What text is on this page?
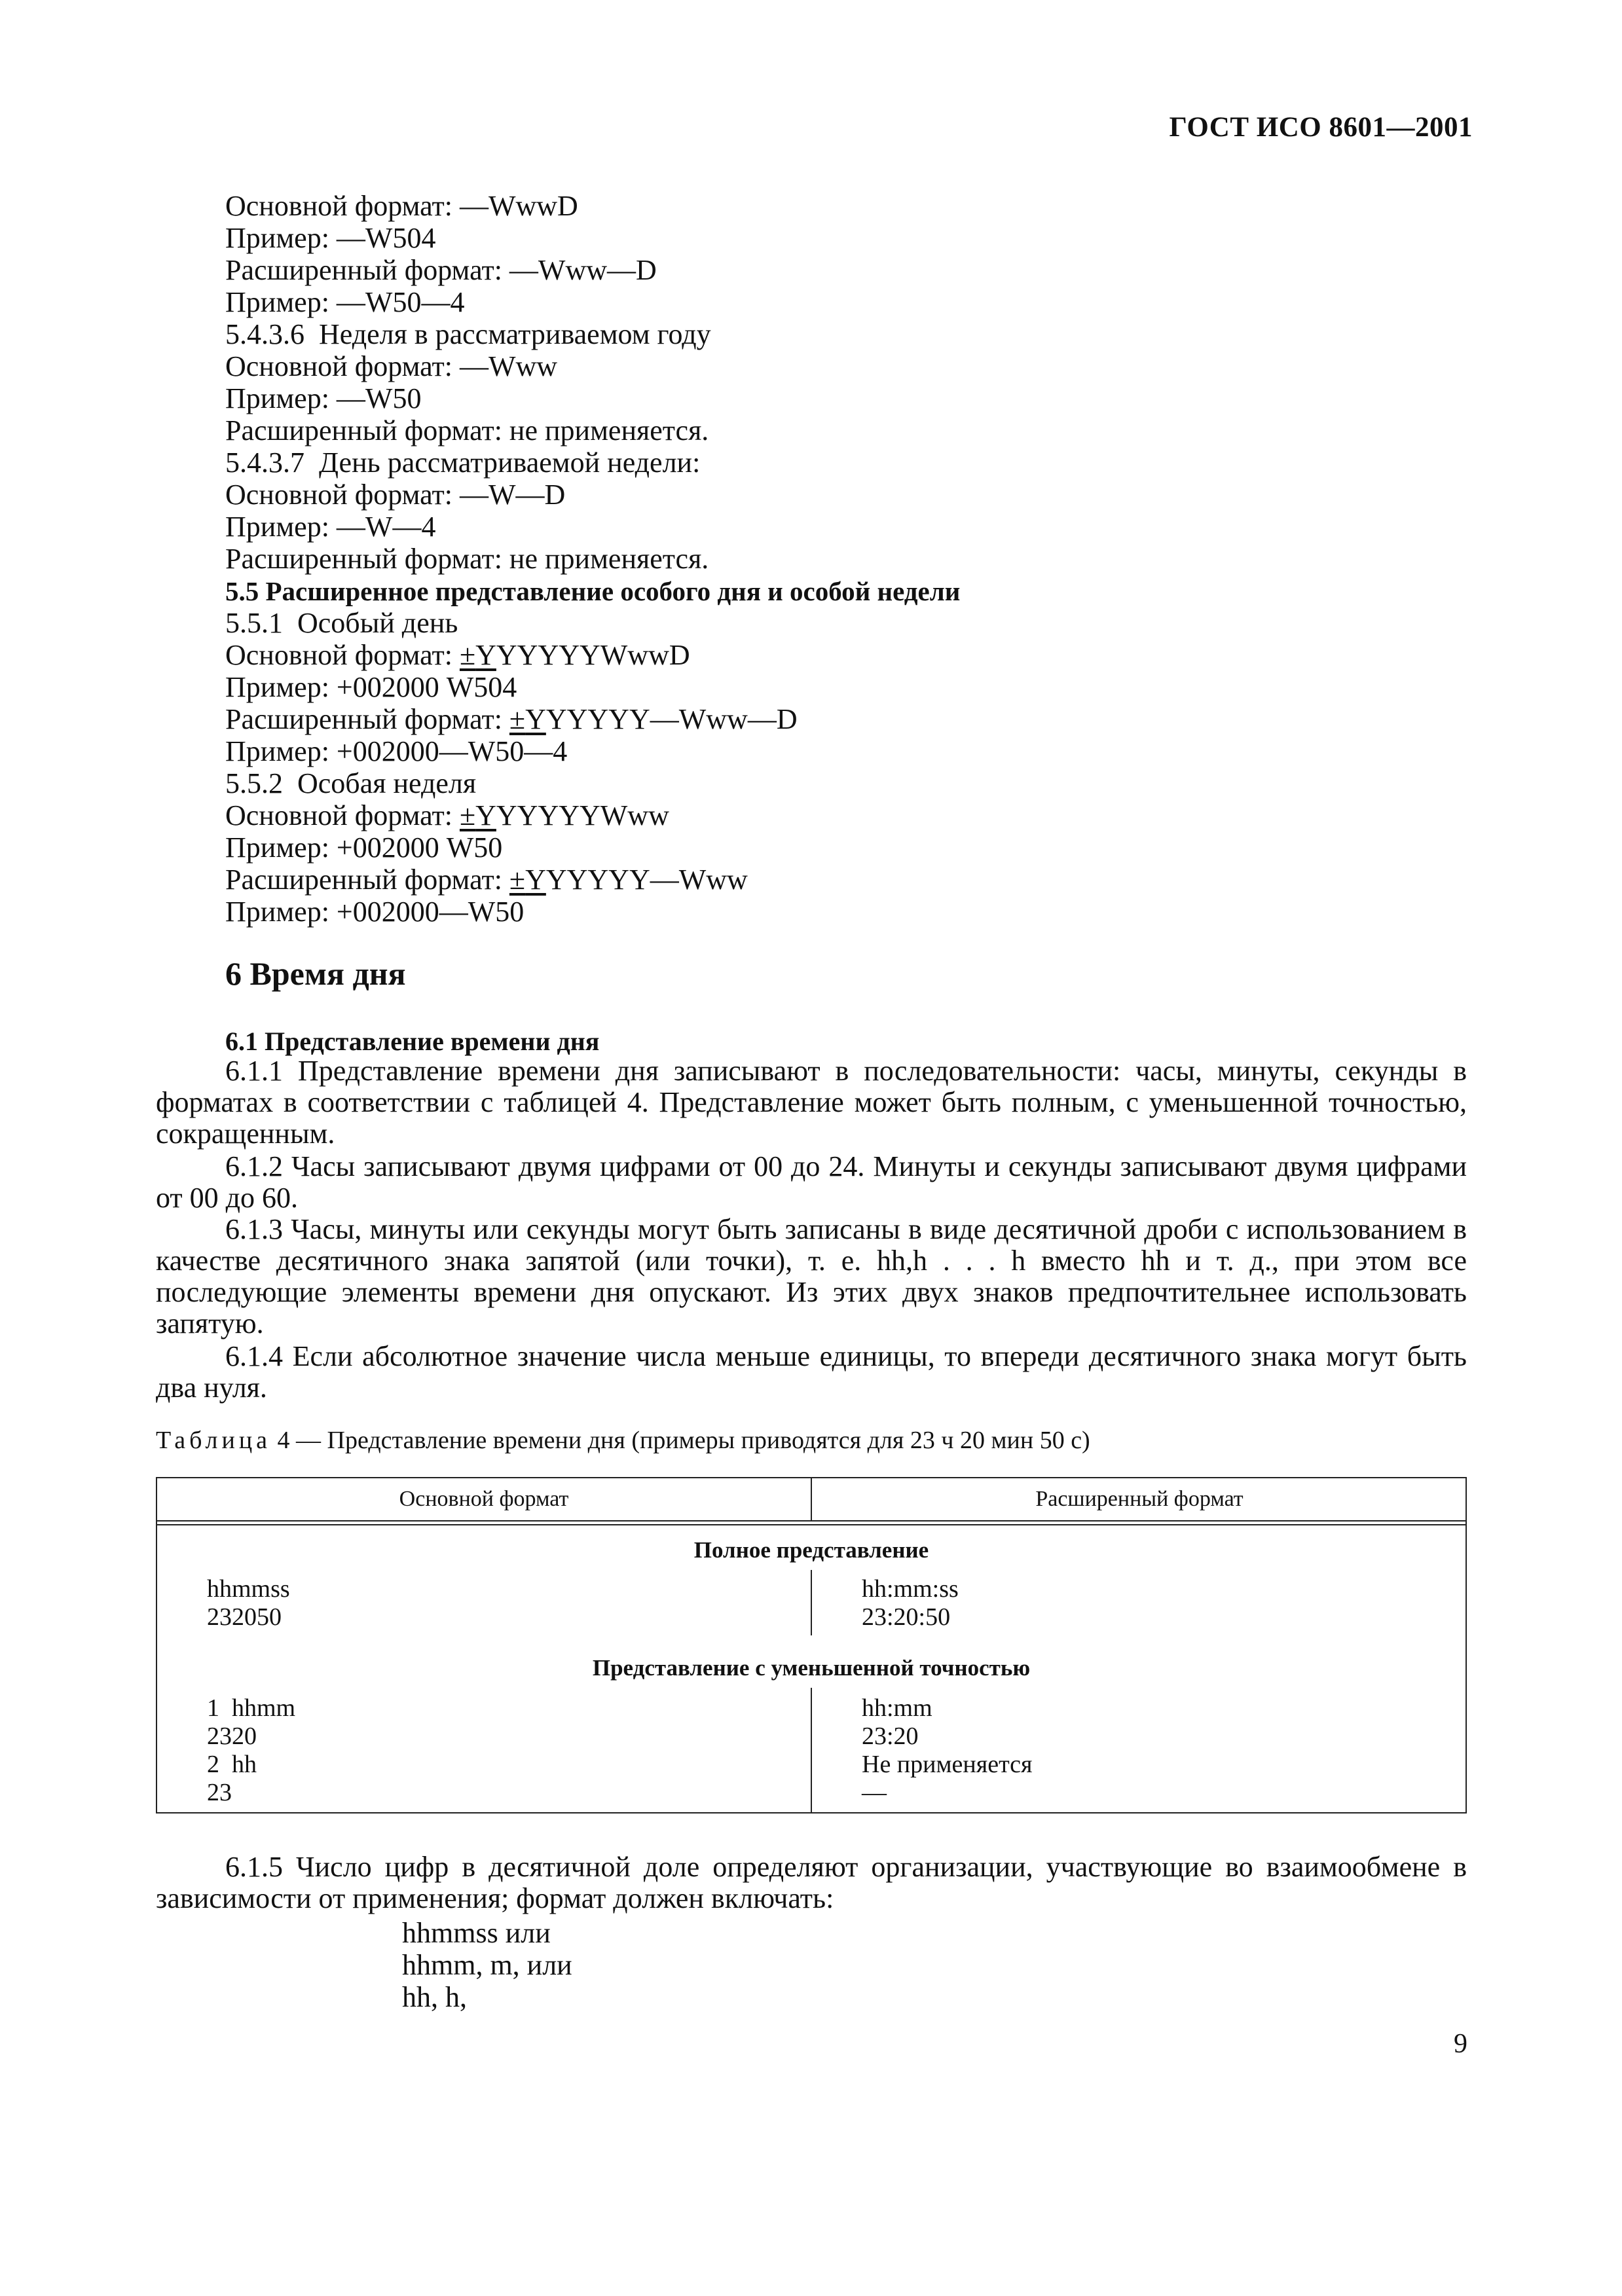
ГОСТ ИСО 8601—2001
Основной формат: —WwwD
Пример: —W504
Расширенный формат: —Www—D
Пример: —W50—4
5.4.3.6  Неделя в рассматриваемом году
Основной формат: —Www
Пример: —W50
Расширенный формат: не применяется.
5.4.3.7  День рассматриваемой недели:
Основной формат: —W—D
Пример: —W—4
Расширенный формат: не применяется.
5.5 Расширенное представление особого дня и особой недели
5.5.1  Особый день
Основной формат: ±YYYYYYWwwD
Пример: +002000 W504
Расширенный формат: ±YYYYYY—Www—D
Пример: +002000—W50—4
5.5.2  Особая неделя
Основной формат: ±YYYYYYWww
Пример: +002000 W50
Расширенный формат: ±YYYYYY—Www
Пример: +002000—W50
6 Время дня
6.1 Представление времени дня
6.1.1 Представление времени дня записывают в последовательности: часы, минуты, секунды в форматах в соответствии с таблицей 4. Представление может быть полным, с уменьшенной точностью, сокращенным.
6.1.2 Часы записывают двумя цифрами от 00 до 24. Минуты и секунды записывают двумя цифрами от 00 до 60.
6.1.3 Часы, минуты или секунды могут быть записаны в виде десятичной дроби с использованием в качестве десятичного знака запятой (или точки), т. е. hh,h . . . h вместо hh и т. д., при этом все последующие элементы времени дня опускают. Из этих двух знаков предпочтительнее использовать запятую.
6.1.4 Если абсолютное значение числа меньше единицы, то впереди десятичного знака могут быть два нуля.
Таблица 4 — Представление времени дня (примеры приводятся для 23 ч 20 мин 50 с)
Основной формат	Расширенный формат
Полное представление
hhmmss
232050
hh:mm:ss
23:20:50
Представление с уменьшенной точностью
1  hhmm
2320
2  hh
23
hh:mm
23:20
Не применяется
—
6.1.5 Число цифр в десятичной доле определяют организации, участвующие во взаимообмене в зависимости от применения; формат должен включать:
hhmmss или
hhmm, m, или
hh, h,
9
